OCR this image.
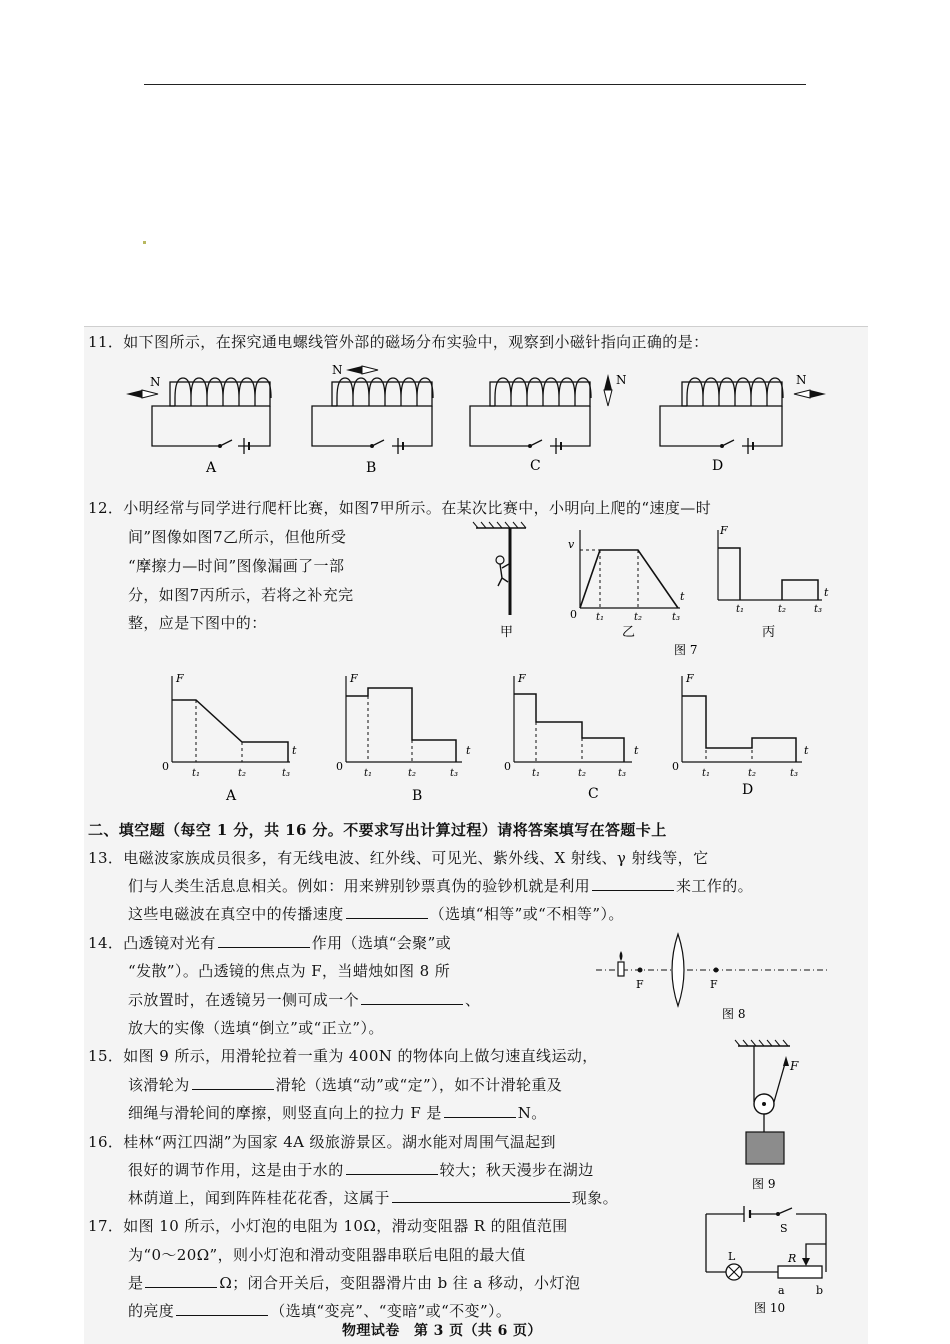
11．如下图所示，在探究通电螺线管外部的磁场分布实验中，观察到小磁针指向正确的是：
N
N
N	N
A	B	C	D
12．小明经常与同学进行爬杆比赛，如图7甲所示。在某次比赛中，小明向上爬的“速度—时
间”图像如图7乙所示，但他所受
“摩擦力—时间”图像漏画了一部
分，如图7丙所示，若将之补充完
整，应是下图中的：
甲
v
t
0 t₁	t₂	t₃
乙
F
t
t₁	t₂	t₃
丙
图 7
F
t
0
t₁	t₂	t₃
A
F
t
0
t₁	t₂	t₃
B
F
t
0
t₁	t₂	t₃
C
F
t
0
t₁	t₂	t₃
D
二、填空题（每空 1 分，共 16 分。不要求写出计算过程）请将答案填写在答题卡上
13．电磁波家族成员很多，有无线电波、红外线、可见光、紫外线、X 射线、γ 射线等，它
们与人类生活息息相关。例如：用来辨别钞票真伪的验钞机就是利用	来工作的。
这些电磁波在真空中的传播速度	（选填“相等”或“不相等”）。
14．凸透镜对光有	作用（选填“会聚”或
“发散”）。凸透镜的焦点为 F，当蜡烛如图 8 所
示放置时，在透镜另一侧可成一个	、
放大的实像（选填“倒立”或“正立”）。
F	F
图 8
15．如图 9 所示，用滑轮拉着一重为 400N 的物体向上做匀速直线运动，
该滑轮为	滑轮（选填“动”或“定”），如不计滑轮重及
细绳与滑轮间的摩擦，则竖直向上的拉力 F 是	N。
F
图 9
16．桂林“两江四湖”为国家 4A 级旅游景区。湖水能对周围气温起到
很好的调节作用，这是由于水的	较大；秋天漫步在湖边
林荫道上，闻到阵阵桂花花香，这属于	现象。
17．如图 10 所示，小灯泡的电阻为 10Ω，滑动变阻器 R 的阻值范围
为“0～20Ω”，则小灯泡和滑动变阻器串联后电阻的最大值
是	Ω；闭合开关后，变阻器滑片由 b 往 a 移动，小灯泡
的亮度	（选填“变亮”、“变暗”或“不变”）。
S
L	R
a	b
图 10
物理试卷　第 3 页（共 6 页）
